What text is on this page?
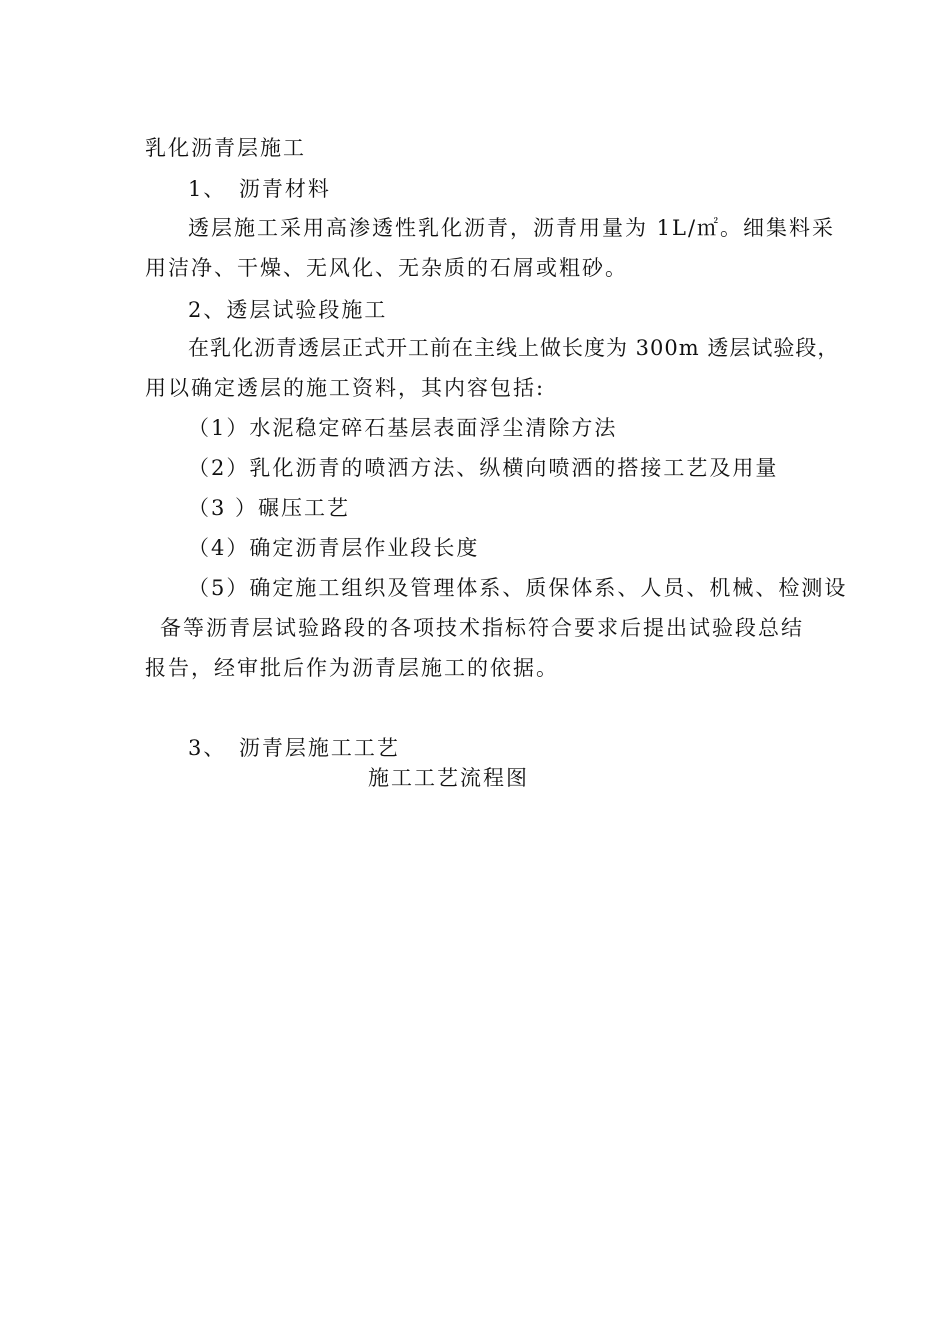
乳化沥青层施工
1、　沥青材料
透层施工采用高渗透性乳化沥青，沥青用量为 1L/㎡。细集料采
用洁净、干燥、无风化、无杂质的石屑或粗砂。
2、透层试验段施工
在乳化沥青透层正式开工前在主线上做长度为 300m 透层试验段，
用以确定透层的施工资料，其内容包括:
（1）水泥稳定碎石基层表面浮尘清除方法
（2）乳化沥青的喷洒方法、纵横向喷洒的搭接工艺及用量
（3 ）碾压工艺
（4）确定沥青层作业段长度
（5）确定施工组织及管理体系、质保体系、人员、机械、检测设
备等沥青层试验路段的各项技术指标符合要求后提出试验段总结
报告，经审批后作为沥青层施工的依据。
3、　沥青层施工工艺
施工工艺流程图
